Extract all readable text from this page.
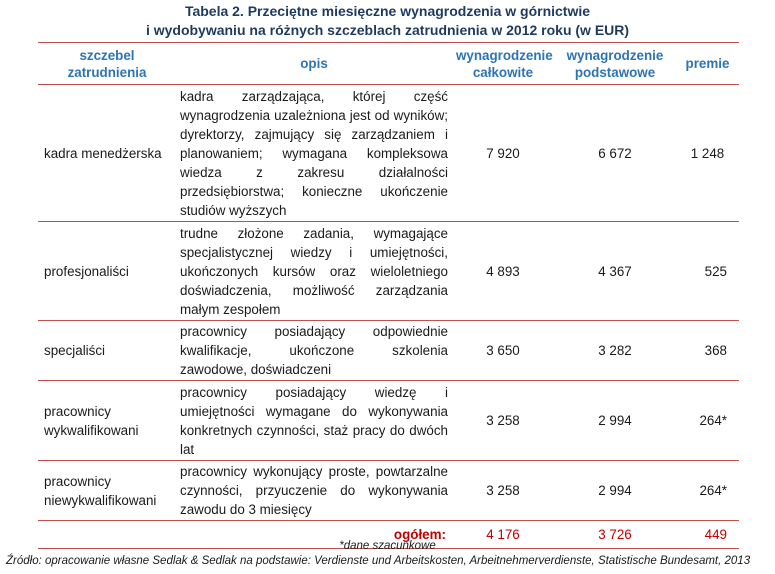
Tabela 2. Przeciętne miesięczne wynagrodzenia w górnictwie
i wydobywaniu na różnych szczeblach zatrudnienia w 2012 roku (w EUR)
szczebel zatrudnienia	opis	wynagrodzenie całkowite	wynagrodzenie podstawowe	premie
kadra menedżerska	kadra zarządzająca, której część wynagrodzenia uzależniona jest od wyników; dyrektorzy, zajmujący się zarządzaniem i planowaniem; wymagana kompleksowa wiedza z zakresu działalności przedsiębiorstwa; konieczne ukończenie studiów wyższych	7 920	6 672	1 248
profesjonaliści	trudne złożone zadania, wymagające specjalistycznej wiedzy i umiejętności, ukończonych kursów oraz wieloletniego doświadczenia, możliwość zarządzania małym zespołem	4 893	4 367	525
specjaliści	pracownicy posiadający odpowiednie kwalifikacje, ukończone szkolenia zawodowe, doświadczeni	3 650	3 282	368
pracownicy wykwalifikowani	pracownicy posiadający wiedzę i umiejętności wymagane do wykonywania konkretnych czynności, staż pracy do dwóch lat	3 258	2 994	264*
pracownicy niewykwalifikowani	pracownicy wykonujący proste, powtarzalne czynności, przyuczenie do wykonywania zawodu do 3 miesięcy	3 258	2 994	264*
ogółem:		4 176	3 726	449
*dane szacunkowe
Źródło: opracowanie własne Sedlak & Sedlak na podstawie: Verdienste und Arbeitskosten, Arbeitnehmerverdienste, Statistische Bundesamt, 2013
